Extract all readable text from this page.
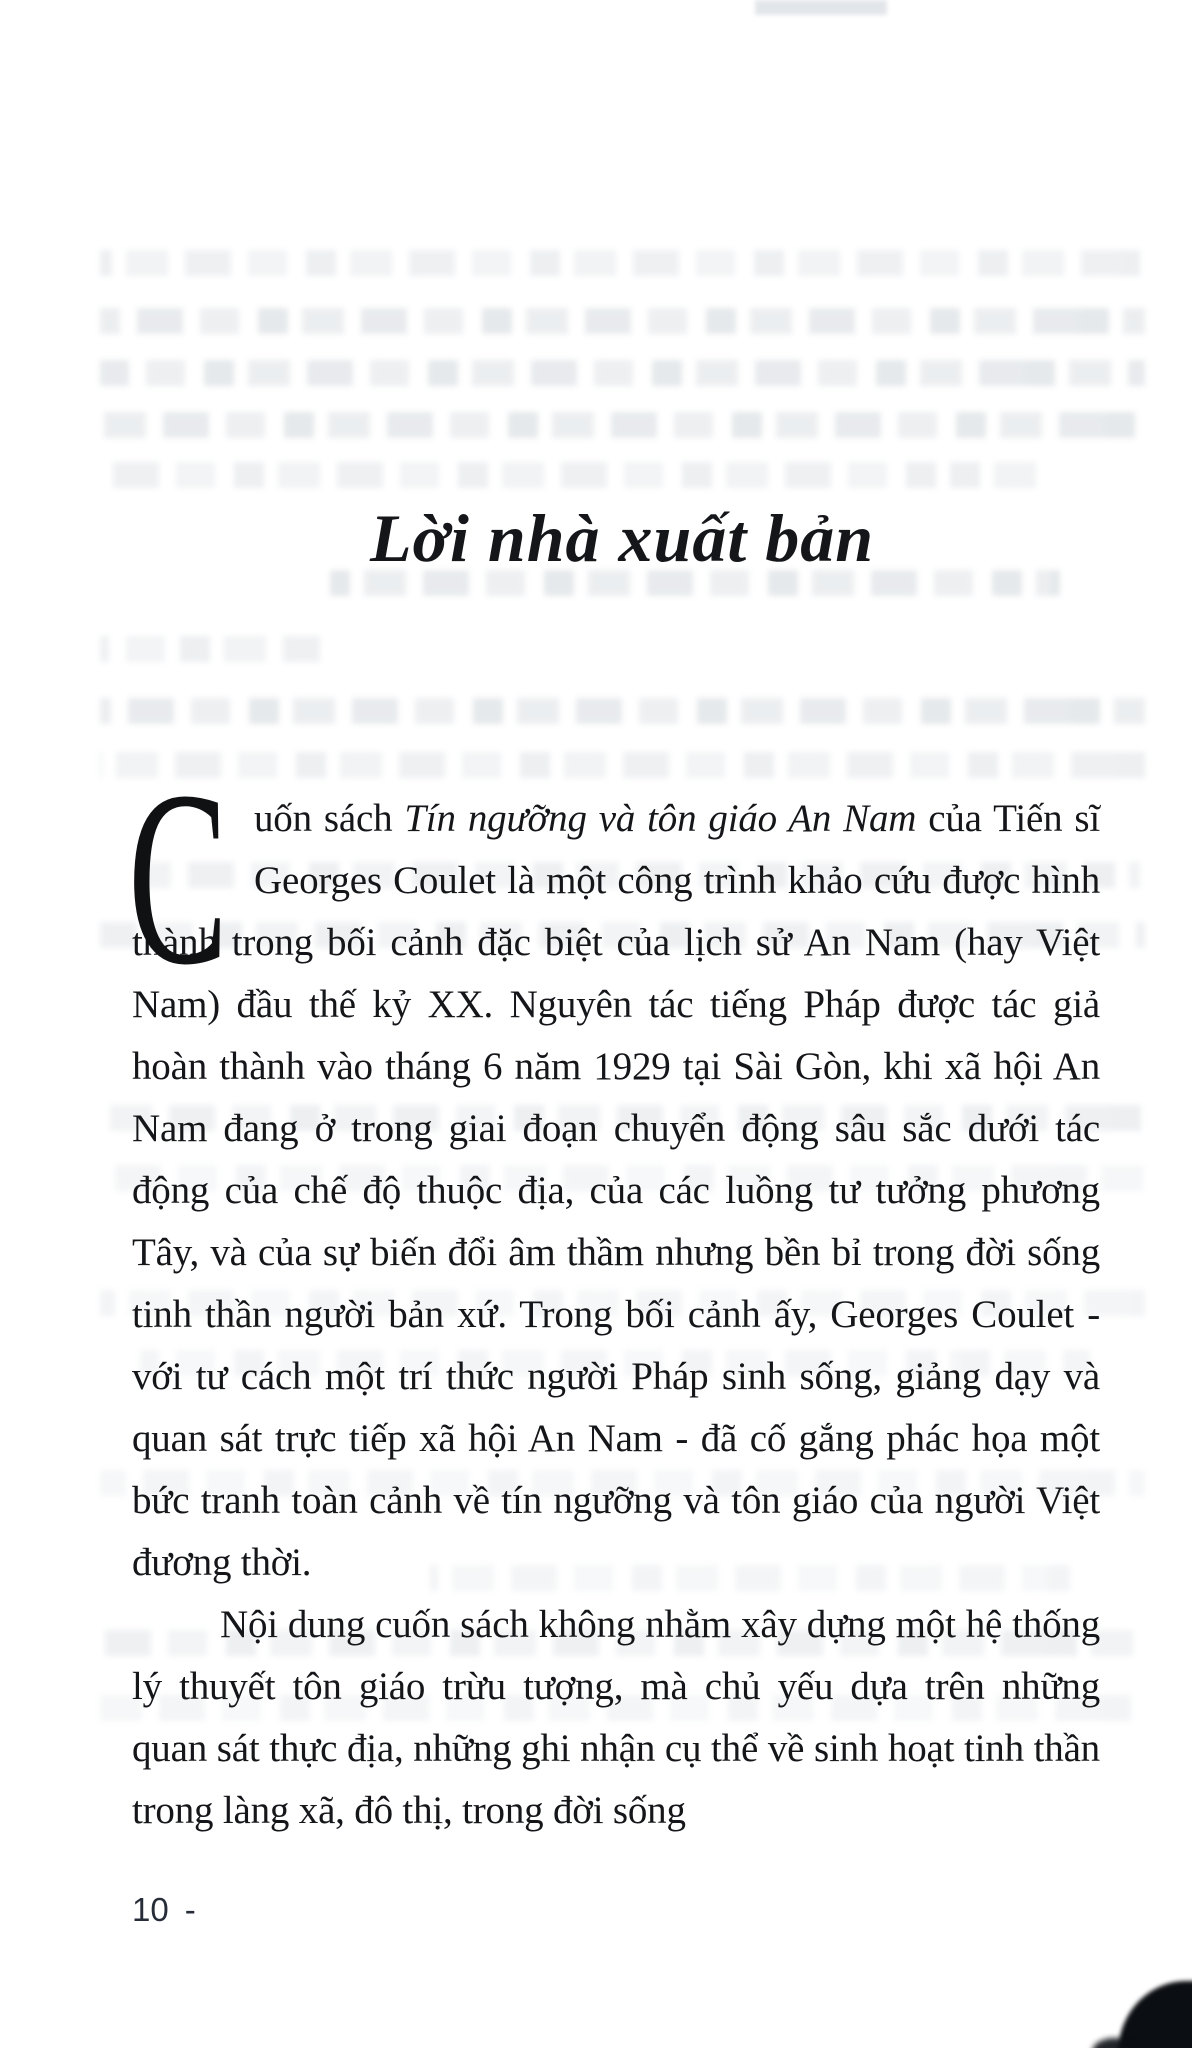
Lời nhà xuất bản

C uốn sách Tín ngưỡng và tôn giáo An Nam của Tiến sĩ Georges Coulet là một công trình khảo cứu được hình thành trong bối cảnh đặc biệt của lịch sử An Nam (hay Việt Nam) đầu thế kỷ XX. Nguyên tác tiếng Pháp được tác giả hoàn thành vào tháng 6 năm 1929 tại Sài Gòn, khi xã hội An Nam đang ở trong giai đoạn chuyển động sâu sắc dưới tác động của chế độ thuộc địa, của các luồng tư tưởng phương Tây, và của sự biến đổi âm thầm nhưng bền bỉ trong đời sống tinh thần người bản xứ. Trong bối cảnh ấy, Georges Coulet - với tư cách một trí thức người Pháp sinh sống, giảng dạy và quan sát trực tiếp xã hội An Nam - đã cố gắng phác họa một bức tranh toàn cảnh về tín ngưỡng và tôn giáo của người Việt đương thời.

Nội dung cuốn sách không nhằm xây dựng một hệ thống lý thuyết tôn giáo trừu tượng, mà chủ yếu dựa trên những quan sát thực địa, những ghi nhận cụ thể về sinh hoạt tinh thần trong làng xã, đô thị, trong đời sống

10 -
